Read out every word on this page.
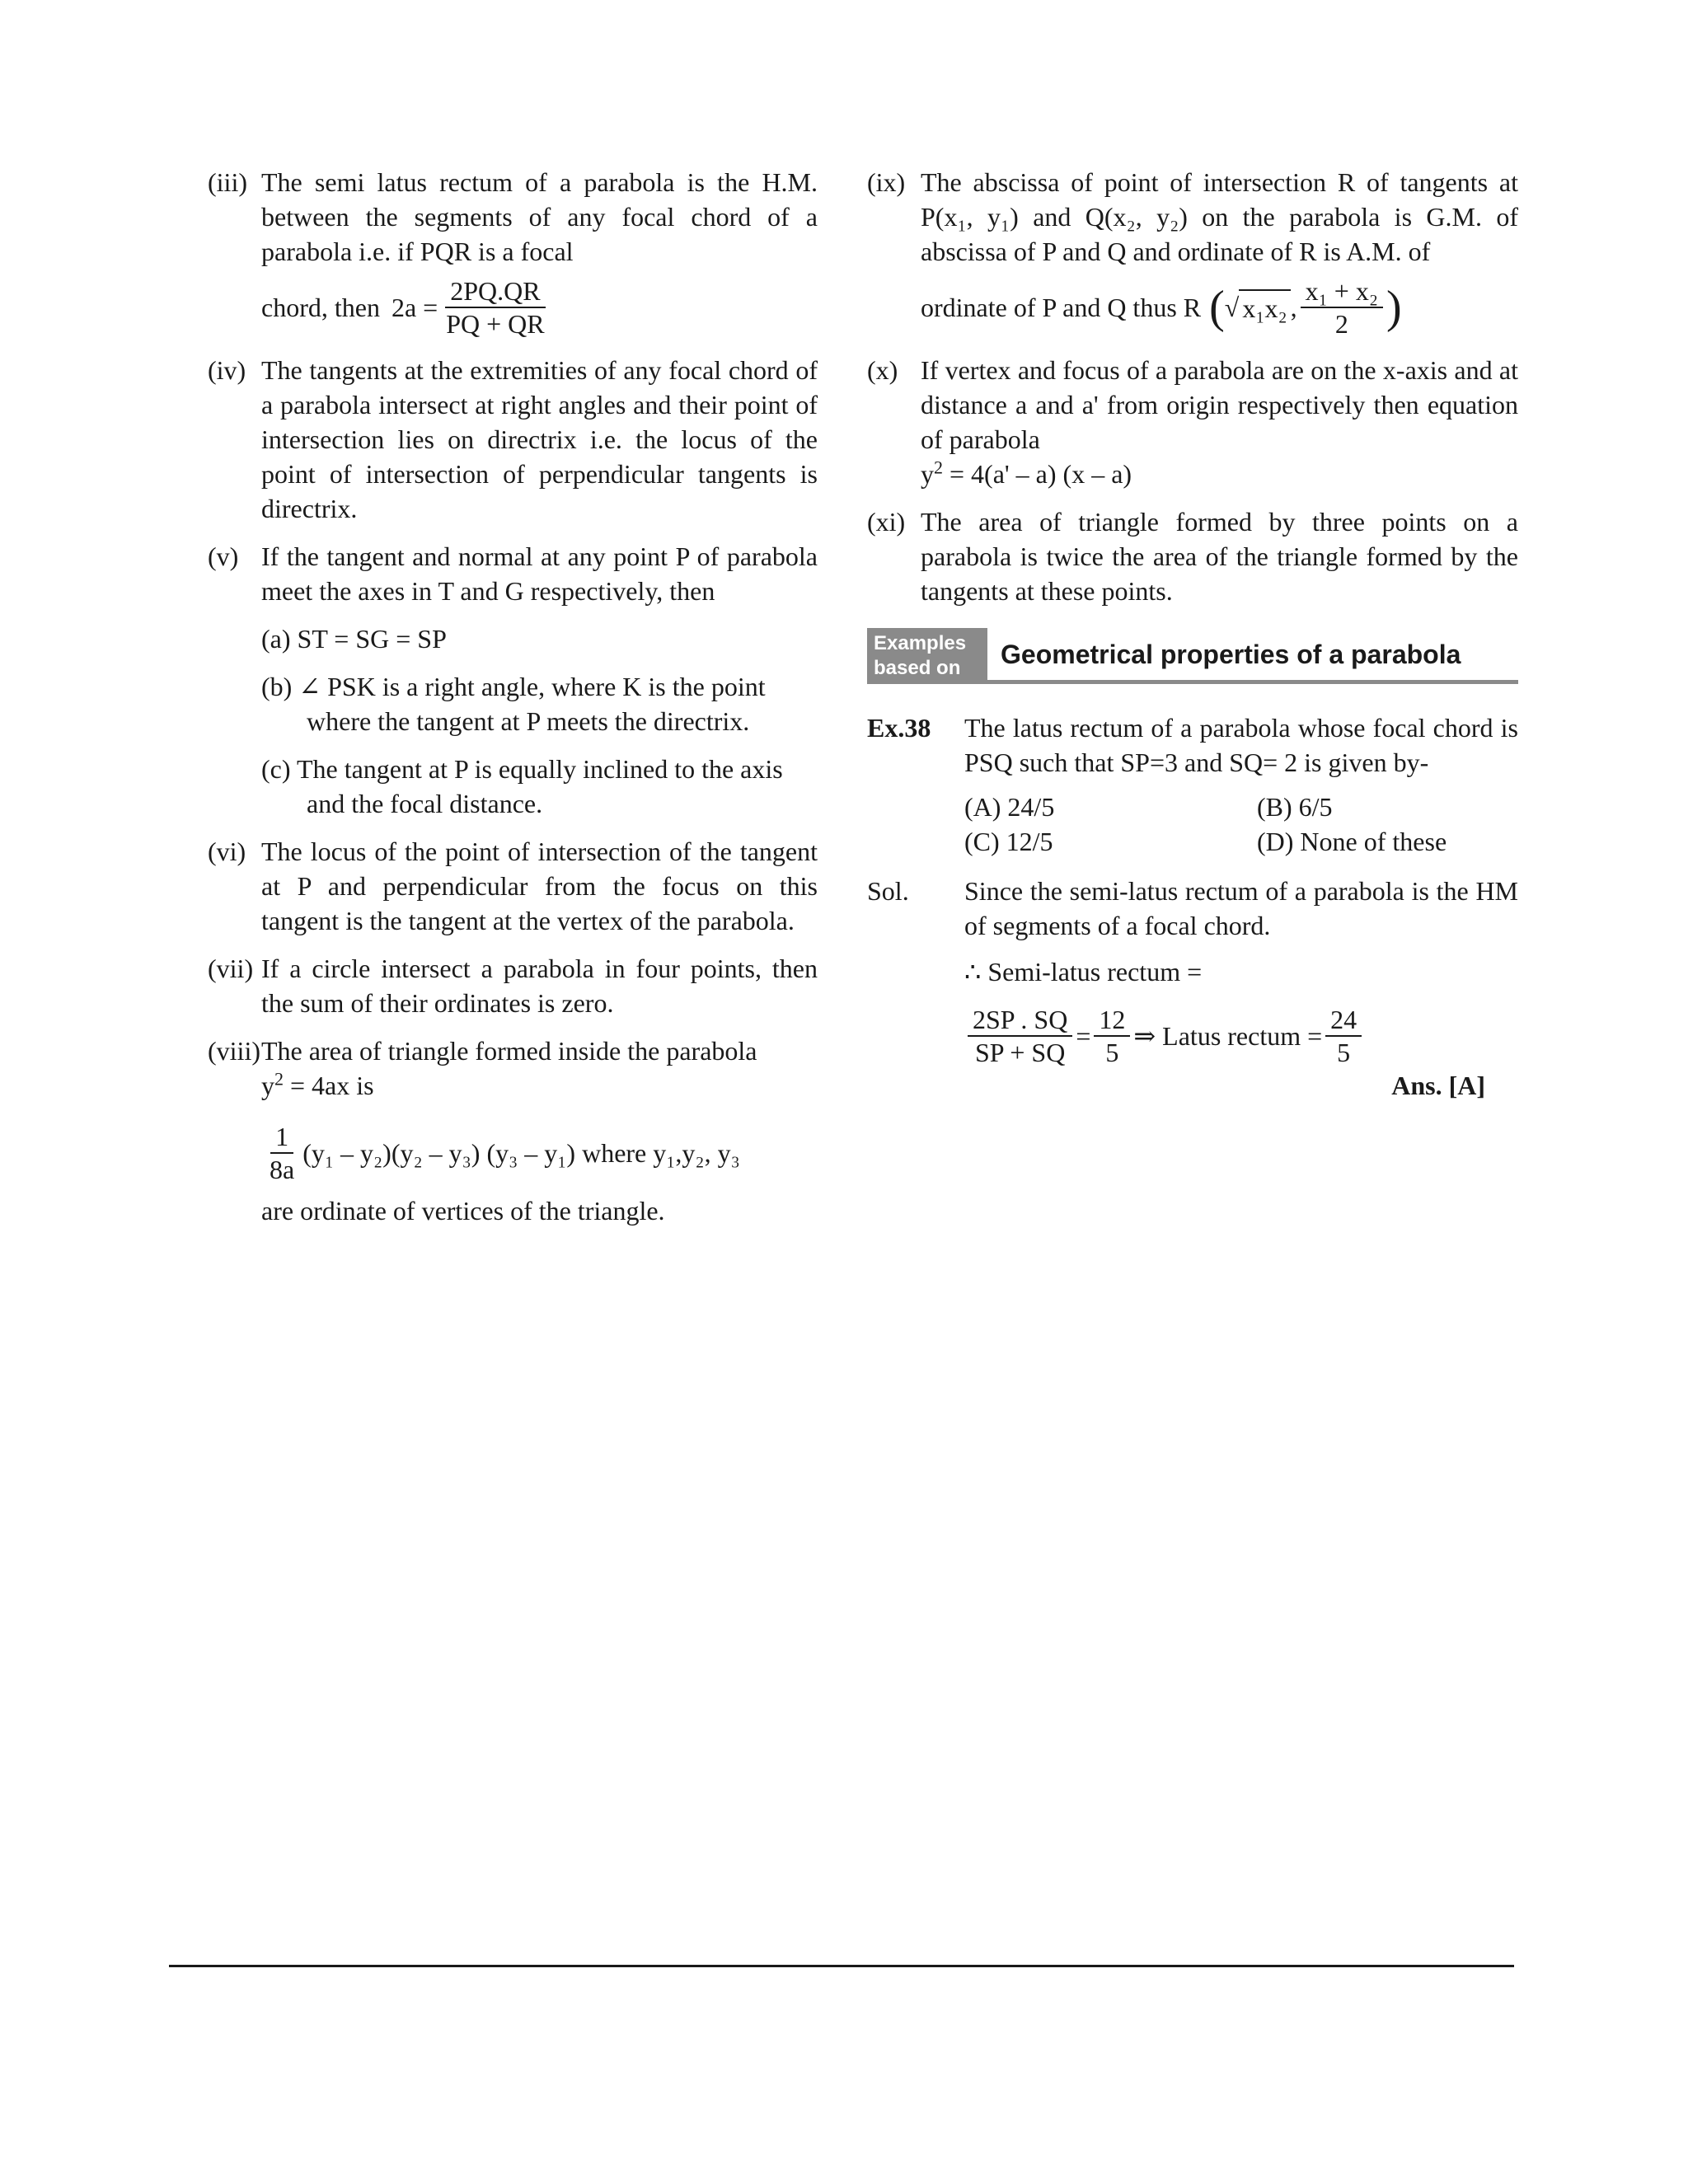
(iii) The semi latus rectum of a parabola is the H.M. between the segments of any focal chord of a parabola i.e. if PQR is a focal
chord, then $2a = \frac{2PQ.QR}{PQ + QR}$
(iv) The tangents at the extremities of any focal chord of a parabola intersect at right angles and their point of intersection lies on directrix i.e. the locus of the point of intersection of perpendicular tangents is directrix.
(v) If the tangent and normal at any point P of parabola meet the axes in T and G respectively, then
(a) ST = SG = SP
(b) ∠ PSK is a right angle, where K is the point where the tangent at P meets the directrix.
(c) The tangent at P is equally inclined to the axis and the focal distance.
(vi) The locus of the point of intersection of the tangent at P and perpendicular from the focus on this tangent is the tangent at the vertex of the parabola.
(vii) If a circle intersect a parabola in four points, then the sum of their ordinates is zero.
(viii) The area of triangle formed inside the parabola
$y^2 = 4ax$ is
$\frac{1}{8a} (y_1 - y_2)(y_2 - y_3)$ (y₃ – y₁) where y₁,y₂, y₃
are ordinate of vertices of the triangle.
(ix) The abscissa of point of intersection R of tangents at P(x₁, y₁) and Q(x₂, y₂) on the parabola is G.M. of abscissa of P and Q and ordinate of R is A.M. of
ordinate of P and Q thus R ( √ x₁x₂ , $\frac{\text{x₁ + x₂}}{2}$ )
(x) If vertex and focus of a parabola are on the x-axis and at distance a and a' from origin respectively then equation of parabola
$y^2 = 4(a' - a)$ (x – a)
(xi) The area of triangle formed by three points on a parabola is twice the area of the triangle formed by the tangents at these points.
Examples based on	Geometrical properties of a parabola
Ex.38 The latus rectum of a parabola whose focal chord is PSQ such that SP=3 and SQ= 2 is given by-
(A) 24/5	(B) 6/5
(C) 12/5	(D) None of these
Sol. Since the semi-latus rectum of a parabola is the HM of segments of a focal chord.
∴ Semi-latus rectum =
$\frac{2SP . SQ}{SP + SQ} = \frac{12}{5}$ ⇒ Latus rectum = $\frac{24}{5}$
Ans. [A]
